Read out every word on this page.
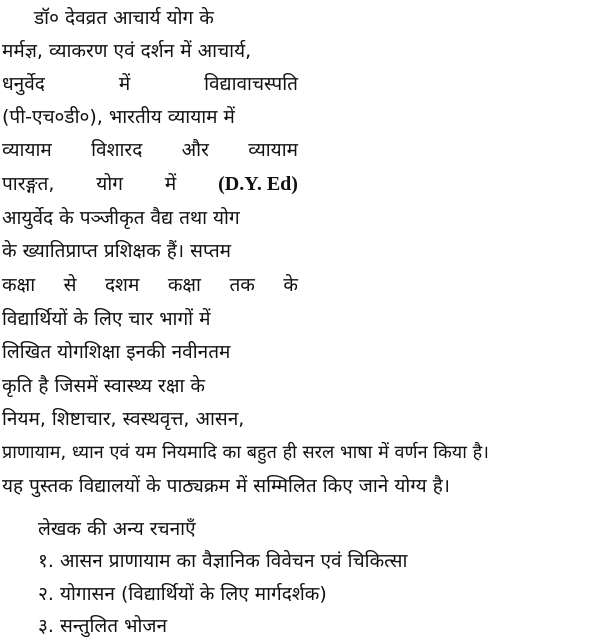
डॉ० देवव्रत आचार्य योग के
मर्मज्ञ, व्याकरण एवं दर्शन में आचार्य,
धनुर्वेद	में	विद्यावाचस्पति
(पी-एच०डी०), भारतीय व्यायाम में
व्यायाम विशारद और व्यायाम
पारङ्गत, योग में (D.Y. Ed)
आयुर्वेद के पञ्जीकृत वैद्य तथा योग
के ख्यातिप्राप्त प्रशिक्षक हैं। सप्तम
कक्षा से दशम कक्षा तक के
विद्यार्थियों के लिए चार भागों में
लिखित योगशिक्षा इनकी नवीनतम
कृति है जिसमें स्वास्थ्य रक्षा के
नियम, शिष्टाचार, स्वस्थवृत्त, आसन,
प्राणायाम, ध्यान एवं यम नियमादि का बहुत ही सरल भाषा में वर्णन किया है।
यह पुस्तक विद्यालयों के पाठ्यक्रम में सम्मिलित किए जाने योग्य है।
लेखक की अन्य रचनाएँ
१. आसन प्राणायाम का वैज्ञानिक विवेचन एवं चिकित्सा
२. योगासन (विद्यार्थियों के लिए मार्गदर्शक)
३. सन्तुलित भोजन
